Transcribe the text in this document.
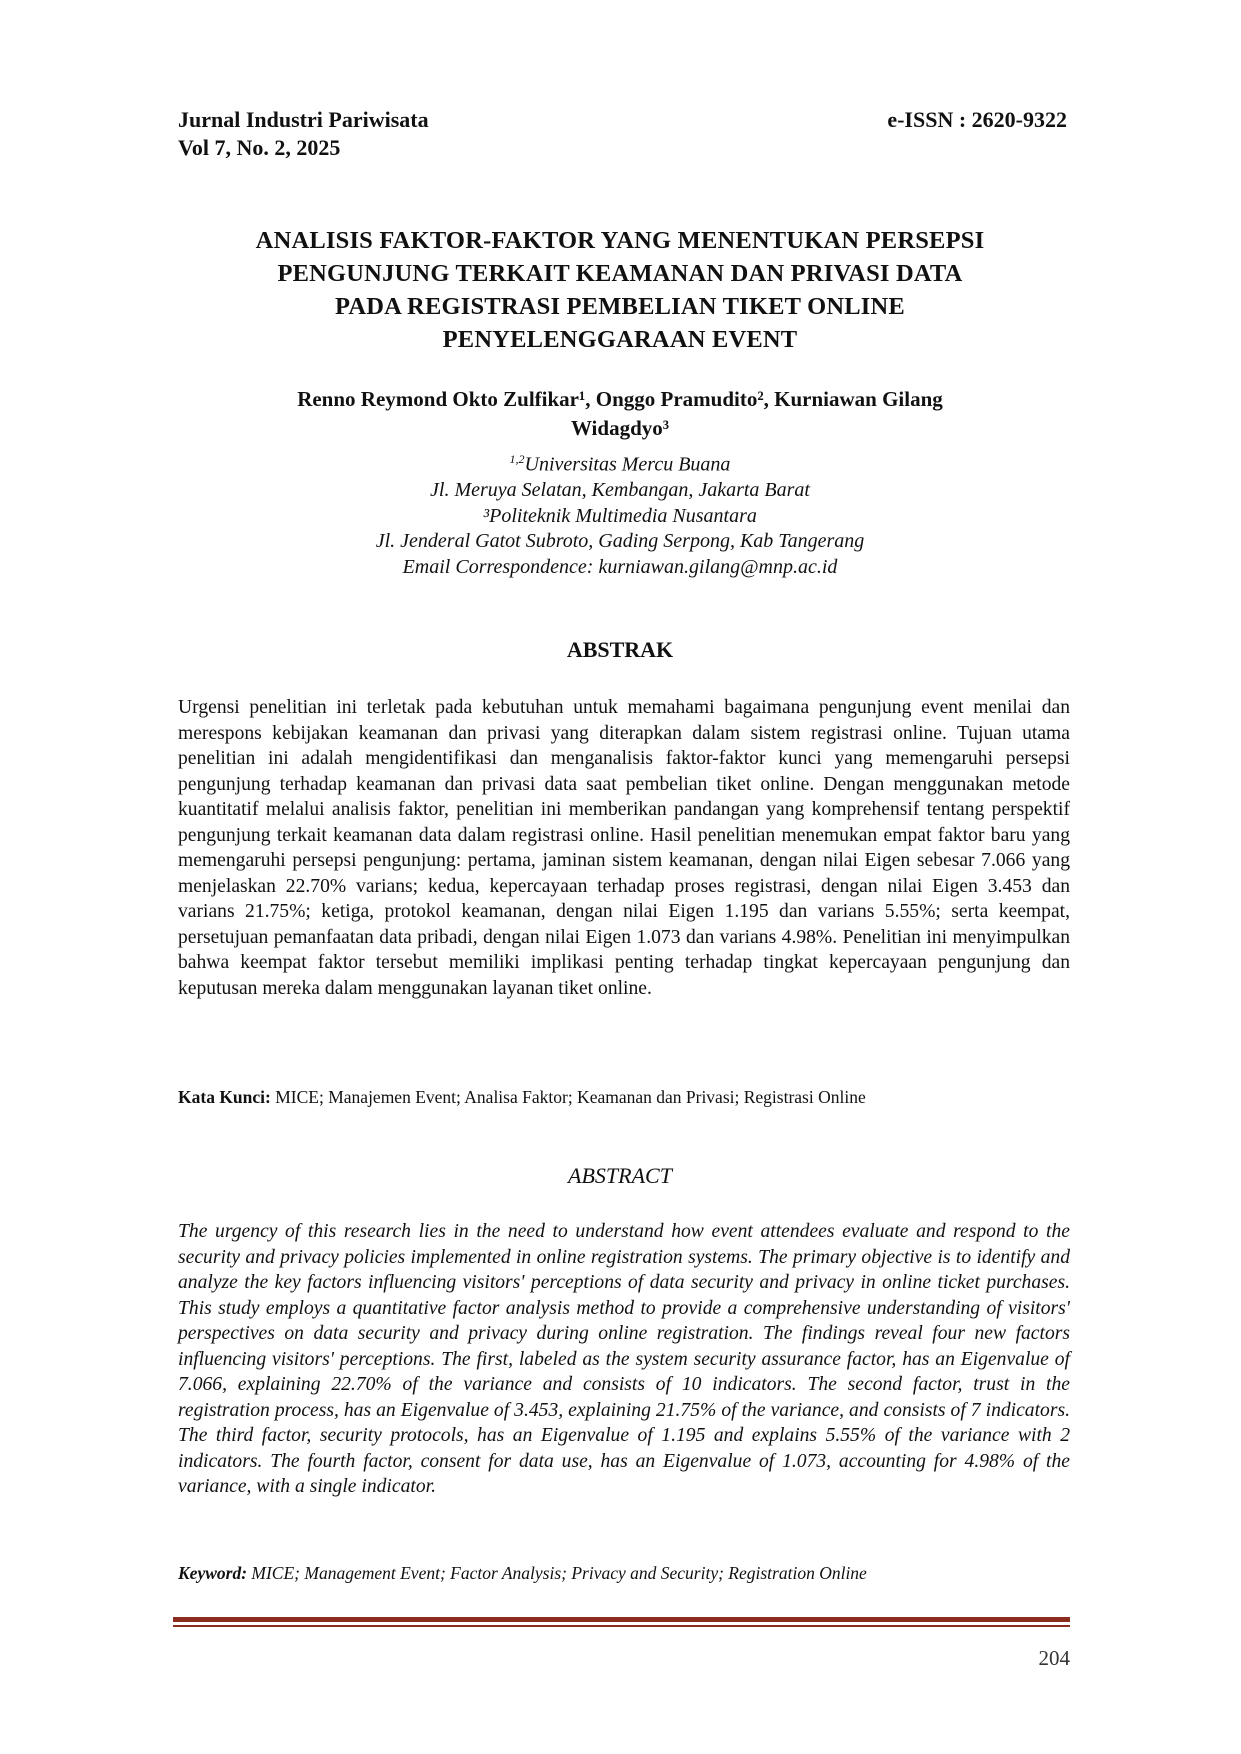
Jurnal Industri Pariwisata
Vol 7, No. 2, 2025
e-ISSN : 2620-9322
ANALISIS FAKTOR-FAKTOR YANG MENENTUKAN PERSEPSI
PENGUNJUNG TERKAIT KEAMANAN DAN PRIVASI DATA
PADA REGISTRASI PEMBELIAN TIKET ONLINE
PENYELENGGARAAN EVENT
Renno Reymond Okto Zulfikar¹, Onggo Pramudito², Kurniawan Gilang
Widagdyo³
$^{1,2}$Universitas Mercu Buana
Jl. Meruya Selatan, Kembangan, Jakarta Barat
³Politeknik Multimedia Nusantara
Jl. Jenderal Gatot Subroto, Gading Serpong, Kab Tangerang
Email Correspondence: kurniawan.gilang@mnp.ac.id
ABSTRAK
Urgensi penelitian ini terletak pada kebutuhan untuk memahami bagaimana pengunjung event menilai dan merespons kebijakan keamanan dan privasi yang diterapkan dalam sistem registrasi online. Tujuan utama penelitian ini adalah mengidentifikasi dan menganalisis faktor-faktor kunci yang memengaruhi persepsi pengunjung terhadap keamanan dan privasi data saat pembelian tiket online. Dengan menggunakan metode kuantitatif melalui analisis faktor, penelitian ini memberikan pandangan yang komprehensif tentang perspektif pengunjung terkait keamanan data dalam registrasi online. Hasil penelitian menemukan empat faktor baru yang memengaruhi persepsi pengunjung: pertama, jaminan sistem keamanan, dengan nilai Eigen sebesar 7.066 yang menjelaskan 22.70% varians; kedua, kepercayaan terhadap proses registrasi, dengan nilai Eigen 3.453 dan varians 21.75%; ketiga, protokol keamanan, dengan nilai Eigen 1.195 dan varians 5.55%; serta keempat, persetujuan pemanfaatan data pribadi, dengan nilai Eigen 1.073 dan varians 4.98%. Penelitian ini menyimpulkan bahwa keempat faktor tersebut memiliki implikasi penting terhadap tingkat kepercayaan pengunjung dan keputusan mereka dalam menggunakan layanan tiket online.
Kata Kunci: MICE; Manajemen Event; Analisa Faktor; Keamanan dan Privasi; Registrasi Online
ABSTRACT
The urgency of this research lies in the need to understand how event attendees evaluate and respond to the security and privacy policies implemented in online registration systems. The primary objective is to identify and analyze the key factors influencing visitors' perceptions of data security and privacy in online ticket purchases. This study employs a quantitative factor analysis method to provide a comprehensive understanding of visitors' perspectives on data security and privacy during online registration. The findings reveal four new factors influencing visitors' perceptions. The first, labeled as the system security assurance factor, has an Eigenvalue of 7.066, explaining 22.70% of the variance and consists of 10 indicators. The second factor, trust in the registration process, has an Eigenvalue of 3.453, explaining 21.75% of the variance, and consists of 7 indicators. The third factor, security protocols, has an Eigenvalue of 1.195 and explains 5.55% of the variance with 2 indicators. The fourth factor, consent for data use, has an Eigenvalue of 1.073, accounting for 4.98% of the variance, with a single indicator.
Keyword: MICE; Management Event; Factor Analysis; Privacy and Security; Registration Online
204
